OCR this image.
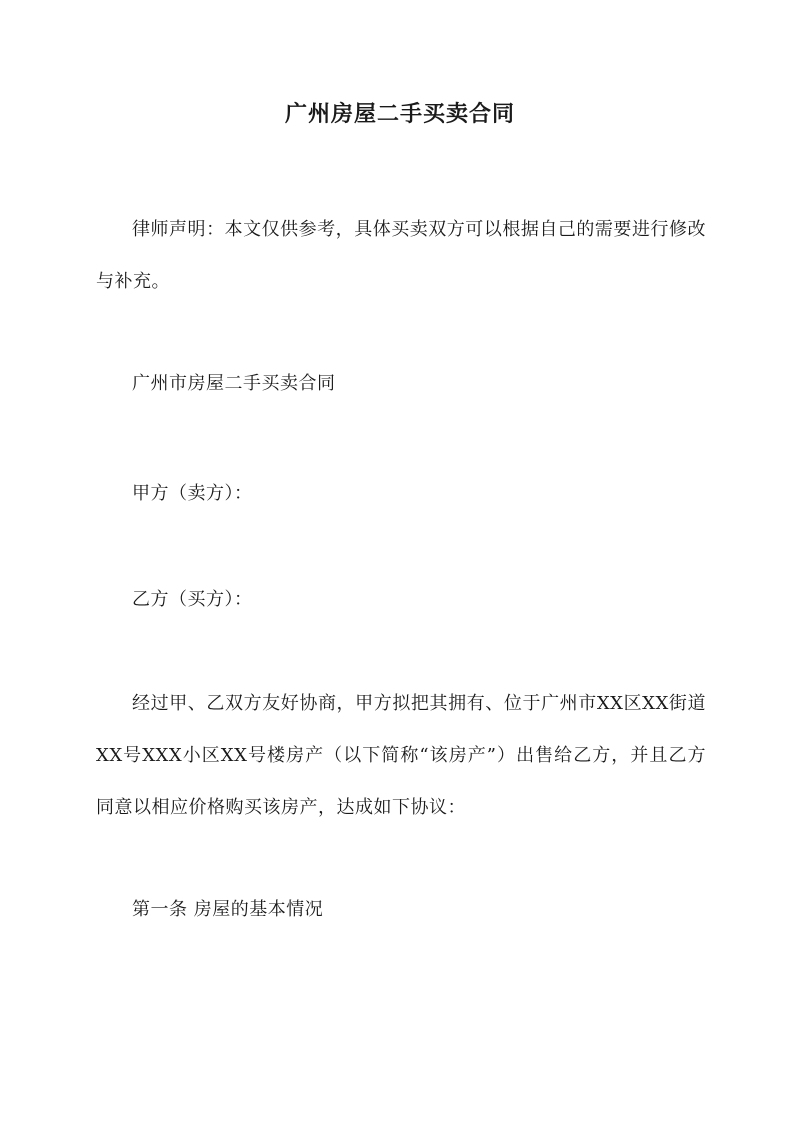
广州房屋二手买卖合同

律师声明：本文仅供参考，具体买卖双方可以根据自己的需要进行修改与补充。

广州市房屋二手买卖合同

甲方（卖方）：

乙方（买方）：

经过甲、乙双方友好协商，甲方拟把其拥有、位于广州市XX区XX街道XX号XXX小区XX号楼房产（以下简称“该房产”）出售给乙方，并且乙方同意以相应价格购买该房产，达成如下协议：

第一条 房屋的基本情况
